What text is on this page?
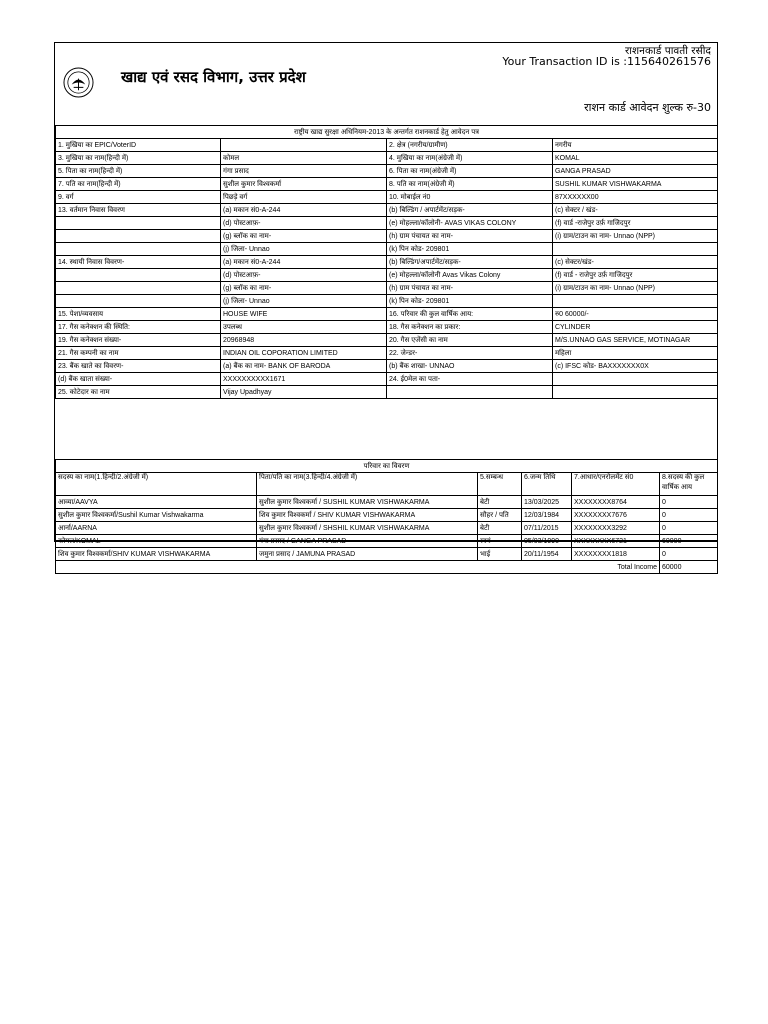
खाद्य एवं रसद विभाग, उत्तर प्रदेश
राशनकार्ड पावती रसीद
Your Transaction ID is :115640261576
राशन कार्ड आवेदन शुल्क रु-30
राष्ट्रीय खाद्य सुरक्षा अधिनियम-2013 के अन्तर्गत राशनकार्ड हेतु आवेदन पत्र			
1. मुखिया का EPIC/VoterID		2. क्षेत्र (नगरीय/ग्रामीण)	नगरीय
3. मुखिया का नाम(हिन्दी में)	कोमल	4. मुखिया का नाम(अंग्रेजी में)	KOMAL
5. पिता का नाम(हिन्दी में)	गंगा प्रसाद	6. पिता का नाम(अंग्रेजी में)	GANGA PRASAD
7. पति का नाम(हिन्दी में)	सुशील कुमार विश्वकर्मा	8. पति का नाम(अंग्रेजी में)	SUSHIL KUMAR VISHWAKARMA
9. वर्ग	पिछड़े वर्ग	10. मोबाईल नं0	87XXXXXX00
13. वर्तमान निवास विवरण	(a) मकान सं0-A-244	(b) बिल्डिंग / अपार्टमेंट/सड़क-	(c) सेक्टर / खंड-
	(d) पोस्टआफ़-	(e) मोहल्ला/कॉलोनी- AVAS VIKAS COLONY	(f) वार्ड -राजेपुर उर्फ़ गाजिदपुर
	(g) ब्लॉक का नाम-	(h) ग्राम पंचायत का नाम-	(i) ग्राम/टाउन का नाम- Unnao (NPP)
	(j) जिला- Unnao	(k) पिन कोड- 209801	
14. स्थायी निवास विवरण-	(a) मकान सं0-A-244	(b) बिल्डिंग/अपार्टमेंट/सड़क-	(c) सेक्टर/खंड-
	(d) पोस्टआफ़-	(e) मोहल्ला/कॉलोनी Avas Vikas Colony	(f) वार्ड - राजेपुर उर्फ़ गाजिदपुर
	(g) ब्लॉक का नाम-	(h) ग्राम पंचायत का नाम-	(i) ग्राम/टाउन का नाम- Unnao (NPP)
	(j) जिला- Unnao	(k) पिन कोड- 209801	
15. पेशा/व्यवसाय	HOUSE WIFE	16. परिवार की कुल वार्षिक आय:	रु0 60000/-
17. गैस कनेक्शन की स्थिति:	उपलब्ध	18. गैस कनेक्शन का प्रकार:	CYLINDER
19. गैस कनेक्शन संख्या-	20968948	20. गैस एजेंसी का नाम	M/S.UNNAO GAS SERVICE, MOTINAGAR
21. गैस कम्पनी का नाम	INDIAN OIL COPORATION LIMITED	22. जेन्डर-	महिला
23. बैंक खाते का विवरण-	(a) बैंक का नाम- BANK OF BARODA	(b) बैंक शाखा- UNNAO	(c) IFSC कोड- BAXXXXXXX0X
(d) बैंक खाता संख्या-	XXXXXXXXXX1671	24. ई0मेल का पता-	
25. कोटेदार का नाम	Vijay Upadhyay		
परिवार का विवरण					
सदस्य का नाम(1.हिन्दी/2.अंग्रेजी में)	पिता/पति का नाम(3.हिन्दी/4.अंग्रेजी में)	5.सम्बन्ध	6.जन्म तिथि	7.आधार/एनरोलमेंट सं0	8.सदस्य की कुल वार्षिक आय
आव्या/AAVYA	सुशील कुमार विश्वकर्मा / SUSHIL KUMAR VISHWAKARMA	बेटी	13/03/2025	XXXXXXXX8764	0
सुशील कुमार विश्वकर्मा/Sushil Kumar Vishwakarma	शिव कुमार विश्वकर्मा / SHIV KUMAR VISHWAKARMA	सौहर / पति	12/03/1984	XXXXXXXX7676	0
आर्ना/AARNA	सुशील कुमार विश्वकर्मा / SHSHIL KUMAR VISHWAKARMA	बेटी	07/11/2015	XXXXXXXX3292	0
कोमल/KOMAL	गंगा प्रसाद / GANGA PRASAD	स्वयं	05/03/1990	XXXXXXXX6721	60000
शिव कुमार विश्वकर्मा/SHIV KUMAR VISHWAKARMA	जमुना प्रसाद / JAMUNA PRASAD	भाई	20/11/1954	XXXXXXXX1818	0
Total Income					60000
